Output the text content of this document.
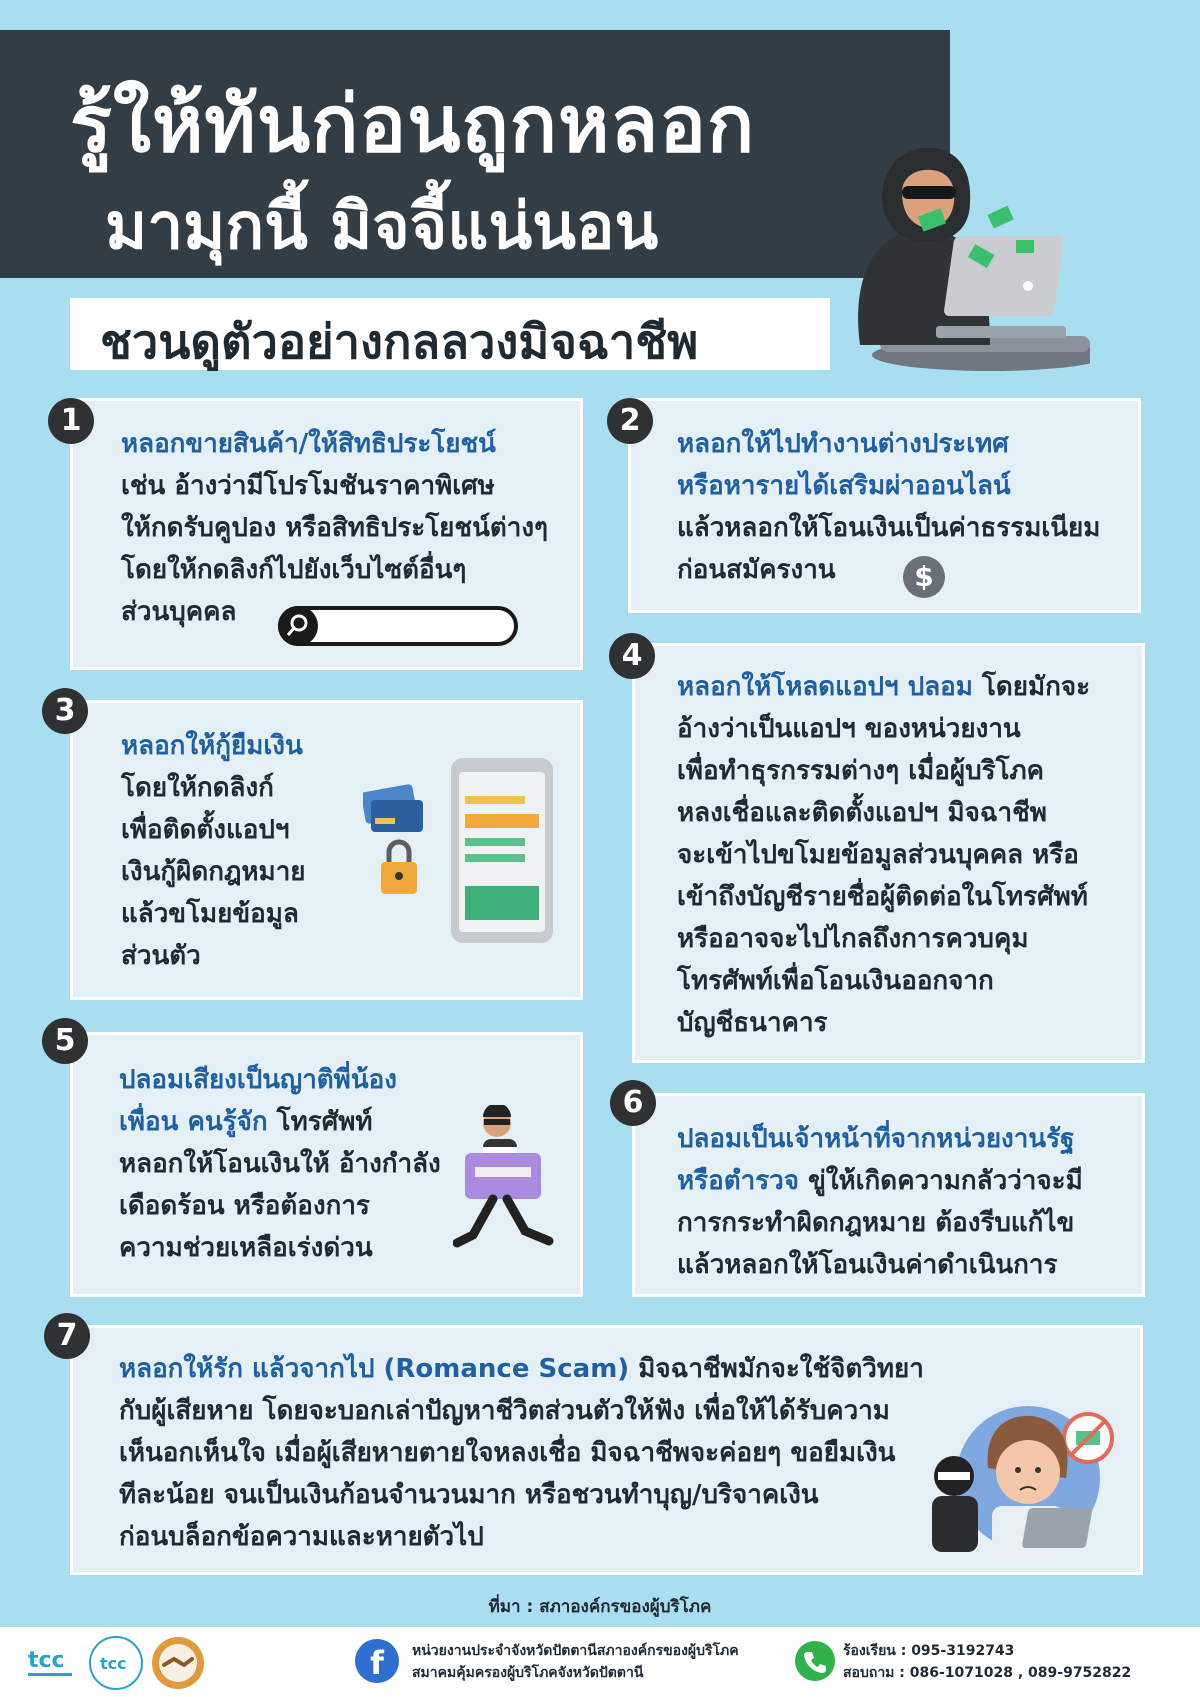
รู้ให้ทันก่อนถูกหลอก
มามุกนี้ มิจจี้แน่นอน
ชวนดูตัวอย่างกลลวงมิจฉาชีพ
หลอกขายสินค้า/ให้สิทธิประโยชน์
เช่น อ้างว่ามีโปรโมชันราคาพิเศษ
ให้กดรับคูปอง หรือสิทธิประโยชน์ต่างๆ
โดยให้กดลิงก์ไปยังเว็บไซต์อื่นๆ
ส่วนบุคคล
1
หลอกให้ไปทำงานต่างประเทศ
หรือหารายได้เสริมผ่าออนไลน์
แล้วหลอกให้โอนเงินเป็นค่าธรรมเนียม
ก่อนสมัครงาน	$
2
หลอกให้กู้ยืมเงิน
โดยให้กดลิงก์
เพื่อติดตั้งแอปฯ
เงินกู้ผิดกฎหมาย
แล้วขโมยข้อมูล
ส่วนตัว
3
หลอกให้โหลดแอปฯ ปลอม โดยมักจะ
อ้างว่าเป็นแอปฯ ของหน่วยงาน
เพื่อทำธุรกรรมต่างๆ เมื่อผู้บริโภค
หลงเชื่อและติดตั้งแอปฯ มิจฉาชีพ
จะเข้าไปขโมยข้อมูลส่วนบุคคล หรือ
เข้าถึงบัญชีรายชื่อผู้ติดต่อในโทรศัพท์
หรืออาจจะไปไกลถึงการควบคุม
โทรศัพท์เพื่อโอนเงินออกจาก
บัญชีธนาคาร
4
ปลอมเสียงเป็นญาติพี่น้อง
เพื่อน คนรู้จัก โทรศัพท์
หลอกให้โอนเงินให้ อ้างกำลัง
เดือดร้อน หรือต้องการ
ความช่วยเหลือเร่งด่วน
5
ปลอมเป็นเจ้าหน้าที่จากหน่วยงานรัฐ
หรือตำรวจ ขู่ให้เกิดความกลัวว่าจะมี
การกระทำผิดกฎหมาย ต้องรีบแก้ไข
แล้วหลอกให้โอนเงินค่าดำเนินการ
6
หลอกให้รัก แล้วจากไป (Romance Scam) มิจฉาชีพมักจะใช้จิตวิทยา
กับผู้เสียหาย โดยจะบอกเล่าปัญหาชีวิตส่วนตัวให้ฟัง เพื่อให้ได้รับความ
เห็นอกเห็นใจ เมื่อผู้เสียหายตายใจหลงเชื่อ มิจฉาชีพจะค่อยๆ ขอยืมเงิน
ทีละน้อย จนเป็นเงินก้อนจำนวนมาก หรือชวนทำบุญ/บริจาคเงิน
ก่อนบล็อกข้อความและหายตัวไป
7
ที่มา : สภาองค์กรของผู้บริโภค
tcc tcc	f	หน่วยงานประจำจังหวัดปัตตานีสภาองค์กรของผู้บริโภค
สมาคมคุ้มครองผู้บริโภคจังหวัดปัตตานี
ร้องเรียน : 095-3192743
สอบถาม : 086-1071028 , 089-9752822
